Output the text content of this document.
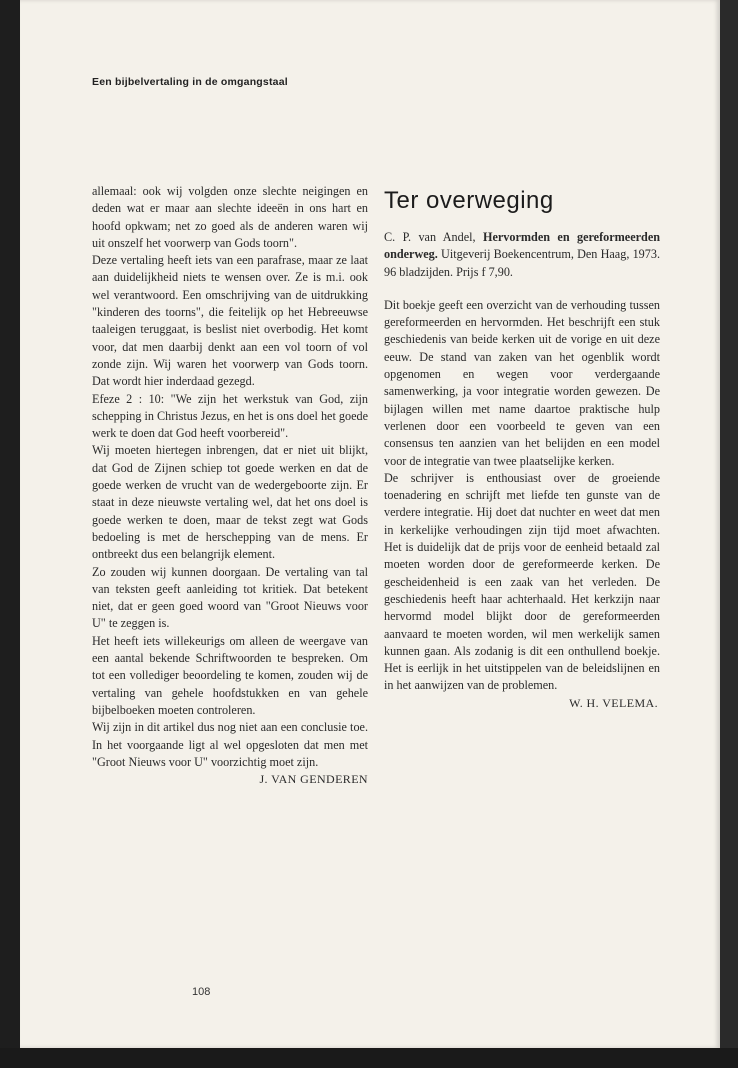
Een bijbelvertaling in de omgangstaal

allemaal: ook wij volgden onze slechte neigingen en deden wat er maar aan slechte ideeën in ons hart en hoofd opkwam; net zo goed als de anderen waren wij uit onszelf het voorwerp van Gods toorn".

Deze vertaling heeft iets van een parafrase, maar ze laat aan duidelijkheid niets te wensen over. Ze is m.i. ook wel verantwoord. Een omschrijving van de uitdrukking "kinderen des toorns", die feitelijk op het Hebreeuwse taaleigen teruggaat, is beslist niet overbodig. Het komt voor, dat men daarbij denkt aan een vol toorn of vol zonde zijn. Wij waren het voorwerp van Gods toorn. Dat wordt hier inderdaad gezegd.

Efeze 2 : 10: "We zijn het werkstuk van God, zijn schepping in Christus Jezus, en het is ons doel het goede werk te doen dat God heeft voorbereid".

Wij moeten hiertegen inbrengen, dat er niet uit blijkt, dat God de Zijnen schiep tot goede werken en dat de goede werken de vrucht van de wedergeboorte zijn. Er staat in deze nieuwste vertaling wel, dat het ons doel is goede werken te doen, maar de tekst zegt wat Gods bedoeling is met de herschepping van de mens. Er ontbreekt dus een belangrijk element.

Zo zouden wij kunnen doorgaan. De vertaling van tal van teksten geeft aanleiding tot kritiek. Dat betekent niet, dat er geen goed woord van "Groot Nieuws voor U" te zeggen is.

Het heeft iets willekeurigs om alleen de weergave van een aantal bekende Schriftwoorden te bespreken. Om tot een vollediger beoordeling te komen, zouden wij de vertaling van gehele hoofdstukken en van gehele bijbelboeken moeten controleren.

Wij zijn in dit artikel dus nog niet aan een conclusie toe. In het voorgaande ligt al wel opgesloten dat men met "Groot Nieuws voor U" voorzichtig moet zijn.

J. VAN GENDEREN

Ter overweging

C. P. van Andel, Hervormden en gereformeerden onderweg. Uitgeverij Boekencentrum, Den Haag, 1973. 96 bladzijden. Prijs f 7,90.

Dit boekje geeft een overzicht van de verhouding tussen gereformeerden en hervormden. Het beschrijft een stuk geschiedenis van beide kerken uit de vorige en uit deze eeuw. De stand van zaken van het ogenblik wordt opgenomen en wegen voor verdergaande samenwerking, ja voor integratie worden gewezen. De bijlagen willen met name daartoe praktische hulp verlenen door een voorbeeld te geven van een consensus ten aanzien van het belijden en een model voor de integratie van twee plaatselijke kerken.

De schrijver is enthousiast over de groeiende toenadering en schrijft met liefde ten gunste van de verdere integratie. Hij doet dat nuchter en weet dat men in kerkelijke verhoudingen zijn tijd moet afwachten. Het is duidelijk dat de prijs voor de eenheid betaald zal moeten worden door de gereformeerde kerken. De gescheidenheid is een zaak van het verleden. De geschiedenis heeft haar achterhaald. Het kerkzijn naar hervormd model blijkt door de gereformeerden aanvaard te moeten worden, wil men werkelijk samen kunnen gaan. Als zodanig is dit een onthullend boekje. Het is eerlijk in het uitstippelen van de beleidslijnen en in het aanwijzen van de problemen.

W. H. VELEMA.

108
